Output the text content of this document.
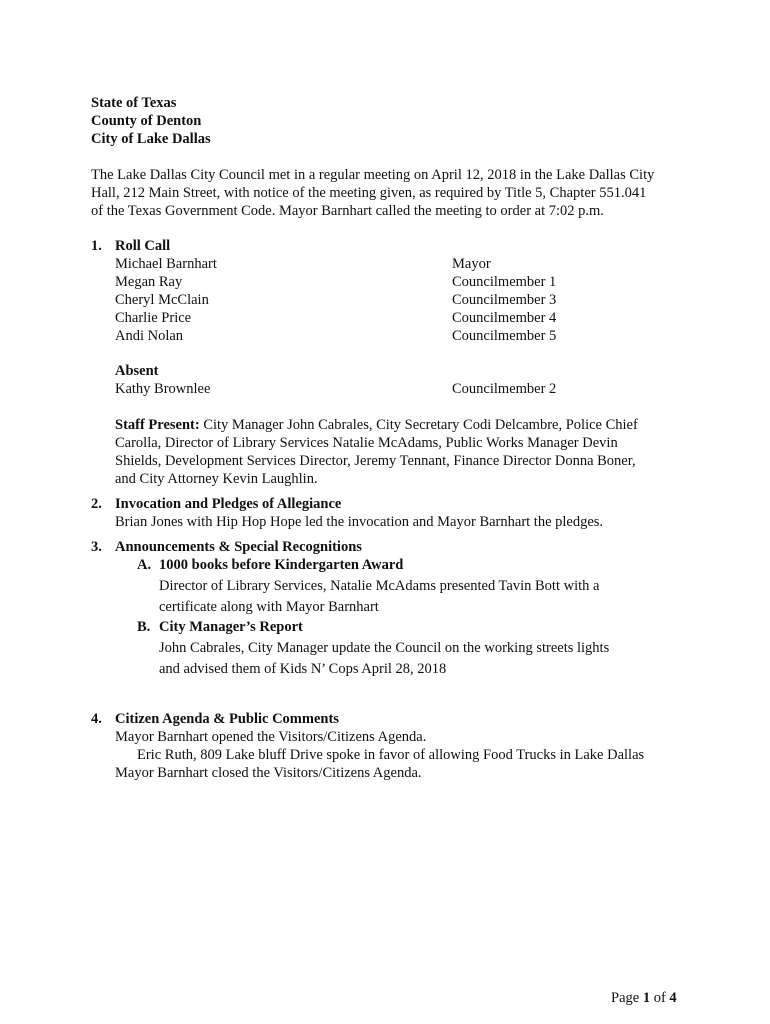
State of Texas
County of Denton
City of Lake Dallas
The Lake Dallas City Council met in a regular meeting on April 12, 2018 in the Lake Dallas City
Hall, 212 Main Street, with notice of the meeting given, as required by Title 5, Chapter 551.041
of the Texas Government Code. Mayor Barnhart called the meeting to order at 7:02 p.m.
1. Roll Call
Michael Barnhart	Mayor
Megan Ray	Councilmember 1
Cheryl McClain	Councilmember 3
Charlie Price	Councilmember 4
Andi Nolan	Councilmember 5
Absent
Kathy Brownlee	Councilmember 2
Staff Present: City Manager John Cabrales, City Secretary Codi Delcambre, Police Chief
Carolla, Director of Library Services Natalie McAdams, Public Works Manager Devin
Shields, Development Services Director, Jeremy Tennant, Finance Director Donna Boner,
and City Attorney Kevin Laughlin.
2. Invocation and Pledges of Allegiance
Brian Jones with Hip Hop Hope led the invocation and Mayor Barnhart the pledges.
3. Announcements & Special Recognitions
A. 1000 books before Kindergarten Award
Director of Library Services, Natalie McAdams presented Tavin Bott with a
certificate along with Mayor Barnhart
B. City Manager’s Report
John Cabrales, City Manager update the Council on the working streets lights
and advised them of Kids N’ Cops April 28, 2018
4. Citizen Agenda & Public Comments
Mayor Barnhart opened the Visitors/Citizens Agenda.
Eric Ruth, 809 Lake bluff Drive spoke in favor of allowing Food Trucks in Lake Dallas
Mayor Barnhart closed the Visitors/Citizens Agenda.
Page 1 of 4
